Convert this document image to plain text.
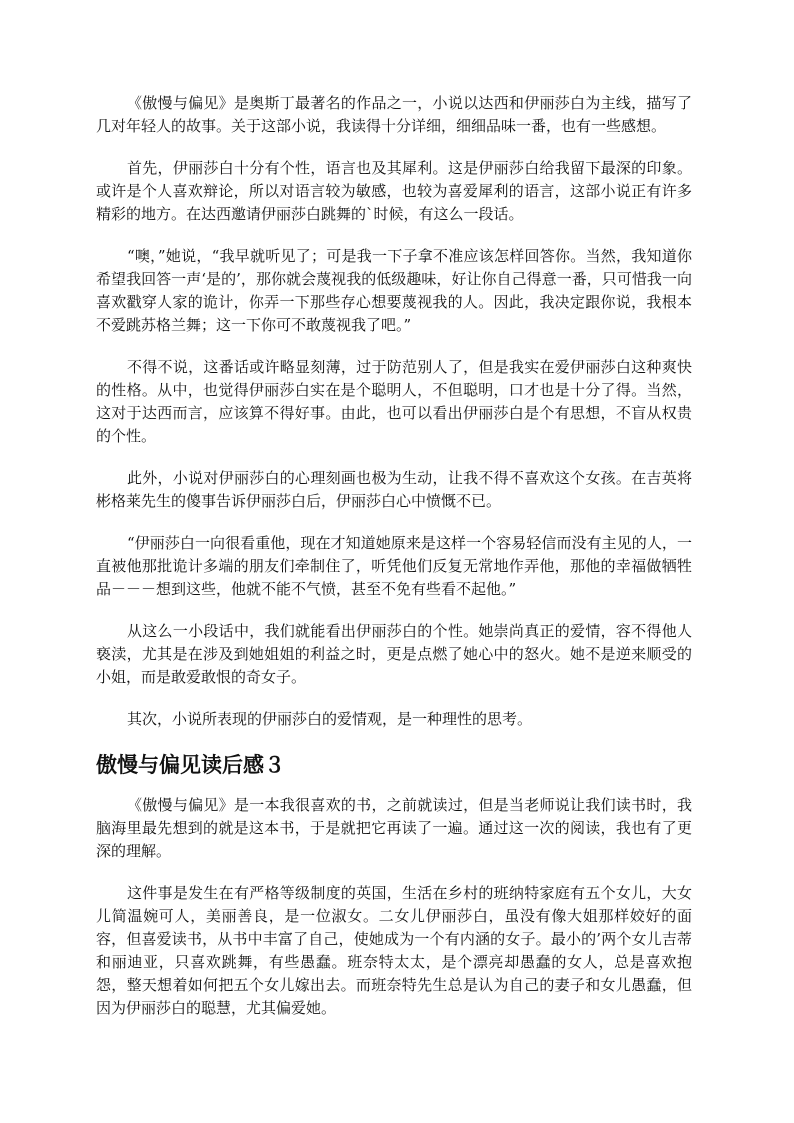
《傲慢与偏见》是奥斯丁最著名的作品之一，小说以达西和伊丽莎白为主线，描写了几对年轻人的故事。关于这部小说，我读得十分详细，细细品味一番，也有一些感想。

首先，伊丽莎白十分有个性，语言也及其犀利。这是伊丽莎白给我留下最深的印象。或许是个人喜欢辩论，所以对语言较为敏感，也较为喜爱犀利的语言，这部小说正有许多精彩的地方。在达西邀请伊丽莎白跳舞的`时候，有这么一段话。

“噢，”她说，“我早就听见了；可是我一下子拿不准应该怎样回答你。当然，我知道你希望我回答一声‘是的’，那你就会蔑视我的低级趣味，好让你自己得意一番，只可惜我一向喜欢戳穿人家的诡计，你弄一下那些存心想要蔑视我的人。因此，我决定跟你说，我根本不爱跳苏格兰舞；这一下你可不敢蔑视我了吧。”

不得不说，这番话或许略显刻薄，过于防范别人了，但是我实在爱伊丽莎白这种爽快的性格。从中，也觉得伊丽莎白实在是个聪明人，不但聪明，口才也是十分了得。当然，这对于达西而言，应该算不得好事。由此，也可以看出伊丽莎白是个有思想，不盲从权贵的个性。

此外，小说对伊丽莎白的心理刻画也极为生动，让我不得不喜欢这个女孩。在吉英将彬格莱先生的傻事告诉伊丽莎白后，伊丽莎白心中愤慨不已。

“伊丽莎白一向很看重他，现在才知道她原来是这样一个容易轻信而没有主见的人，一直被他那批诡计多端的朋友们牵制住了，听凭他们反复无常地作弄他，那他的幸福做牺牲品－－－想到这些，他就不能不气愤，甚至不免有些看不起他。”

从这么一小段话中，我们就能看出伊丽莎白的个性。她崇尚真正的爱情，容不得他人亵渎，尤其是在涉及到她姐姐的利益之时，更是点燃了她心中的怒火。她不是逆来顺受的小姐，而是敢爱敢恨的奇女子。

其次，小说所表现的伊丽莎白的爱情观，是一种理性的思考。

傲慢与偏见读后感３

《傲慢与偏见》是一本我很喜欢的书，之前就读过，但是当老师说让我们读书时，我脑海里最先想到的就是这本书，于是就把它再读了一遍。通过这一次的阅读，我也有了更深的理解。

这件事是发生在有严格等级制度的英国，生活在乡村的班纳特家庭有五个女儿，大女儿简温婉可人，美丽善良，是一位淑女。二女儿伊丽莎白，虽没有像大姐那样姣好的面容，但喜爱读书，从书中丰富了自己，使她成为一个有内涵的女子。最小的’两个女儿吉蒂和丽迪亚，只喜欢跳舞，有些愚蠢。班奈特太太，是个漂亮却愚蠢的女人，总是喜欢抱怨，整天想着如何把五个女儿嫁出去。而班奈特先生总是认为自己的妻子和女儿愚蠢，但因为伊丽莎白的聪慧，尤其偏爱她。
